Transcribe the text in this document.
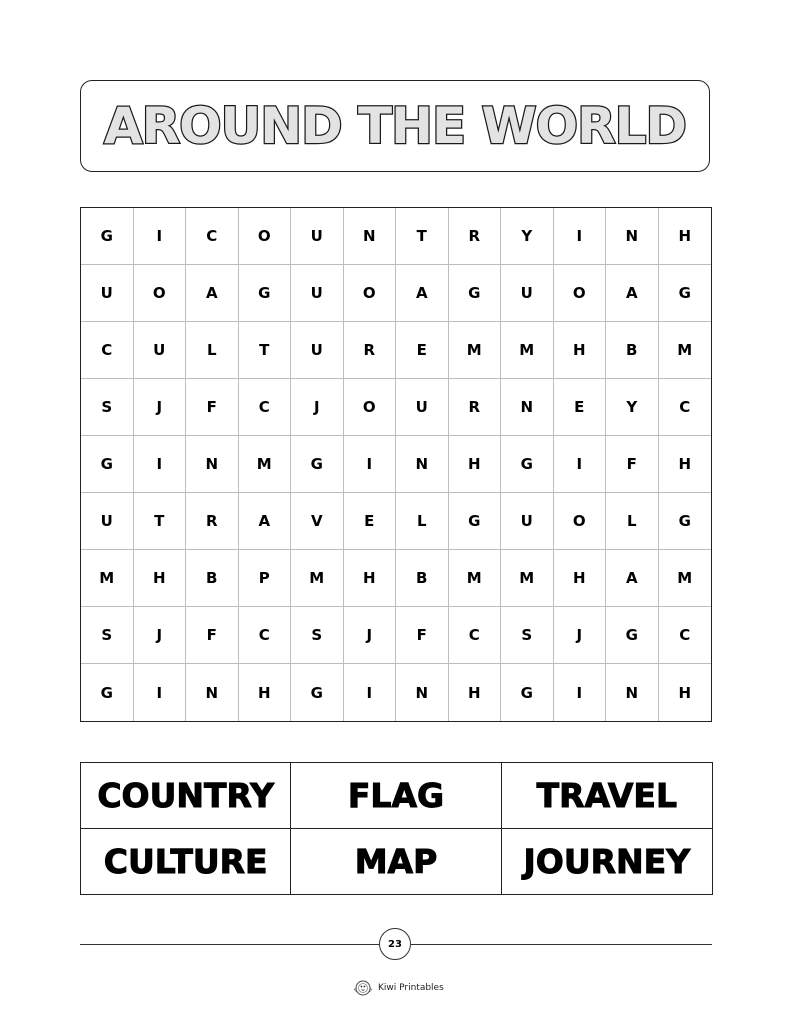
AROUND THE WORLD
G	I	C	O	U	N	T	R	Y	I	N	H
U	O	A	G	U	O	A	G	U	O	A	G
C	U	L	T	U	R	E	M	M	H	B	M
S	J	F	C	J	O	U	R	N	E	Y	C
G	I	N	M	G	I	N	H	G	I	F	H
U	T	R	A	V	E	L	G	U	O	L	G
M	H	B	P	M	H	B	M	M	H	A	M
S	J	F	C	S	J	F	C	S	J	G	C
G	I	N	H	G	I	N	H	G	I	N	H
COUNTRY	FLAG	TRAVEL
CULTURE	MAP	JOURNEY
23
Kiwi Printables
